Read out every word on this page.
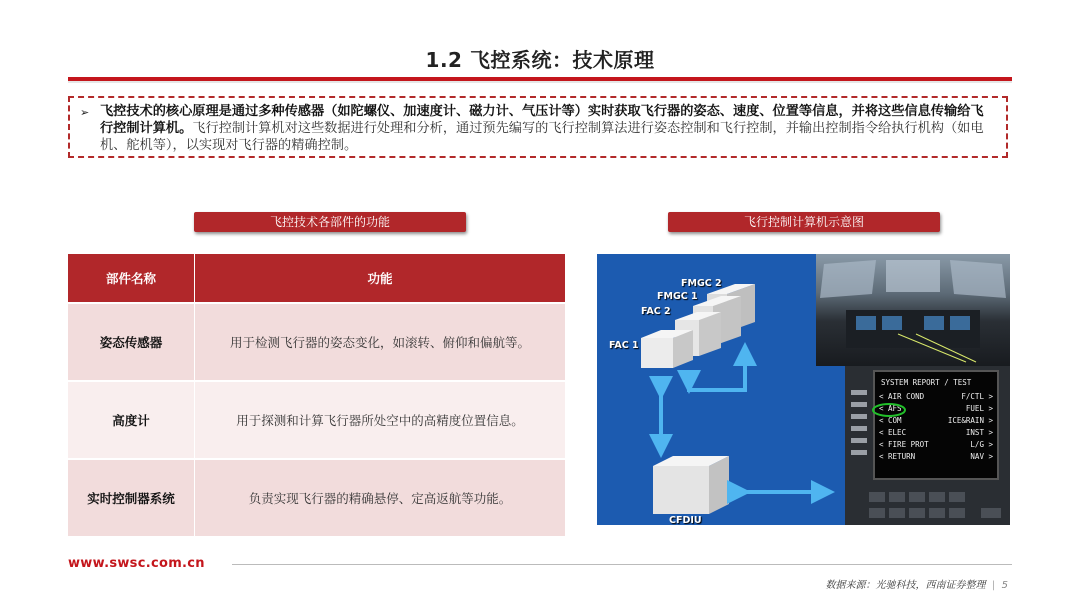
1.2 飞控系统：技术原理
➢ 飞控技术的核心原理是通过多种传感器（如陀螺仪、加速度计、磁力计、气压计等）实时获取飞行器的姿态、速度、位置等信息，并将这些信息传输给飞行控制计算机。飞行控制计算机对这些数据进行处理和分析，通过预先编写的飞行控制算法进行姿态控制和飞行控制，并输出控制指令给执行机构（如电机、舵机等），以实现对飞行器的精确控制。
飞控技术各部件的功能	飞行控制计算机示意图
部件名称	功能
姿态传感器	用于检测飞行器的姿态变化，如滚转、俯仰和偏航等。
高度计	用于探测和计算飞行器所处空中的高精度位置信息。
实时控制器系统	负责实现飞行器的精确悬停、定高返航等功能。
FMGC 2
FMGC 1
FAC 2
FAC 1
CFDIU
SYSTEM REPORT / TEST
< AIR COND
< AFS
< COM
< ELEC
< FIRE PROT
< RETURN
F/CTL >
FUEL >
ICE&RAIN >
INST >
L/G >
NAV >
www.swsc.com.cn
数据来源：光驰科技，西南证券整理  |  5
